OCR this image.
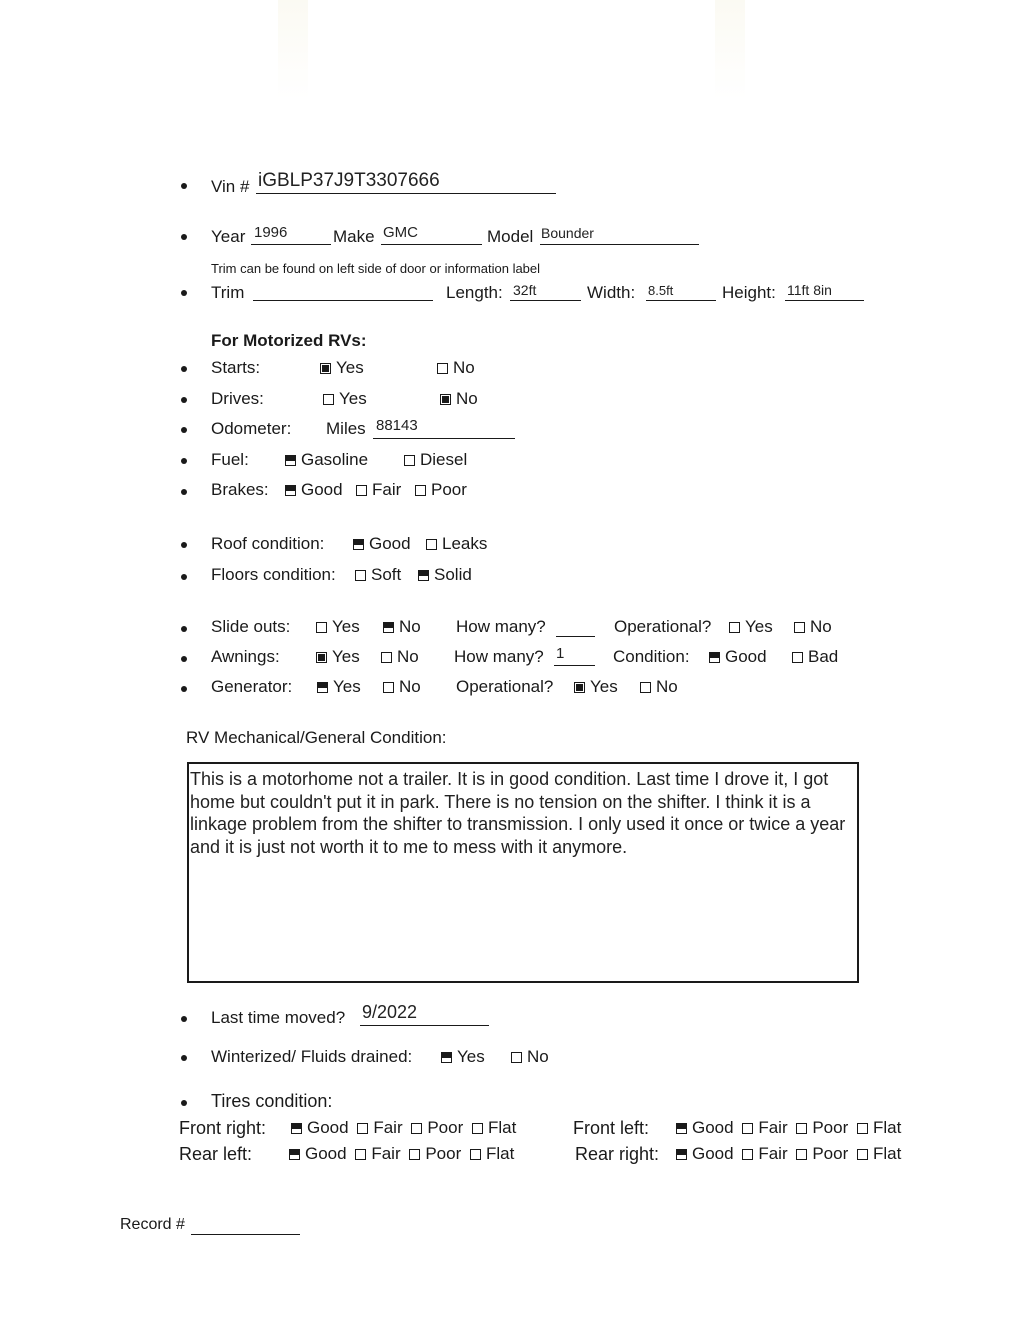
Vin # iGBLP37J9T3307666
Year 1996	Make GMC	Model Bounder
Trim can be found on left side of door or information label
Trim	Length: 32ft	Width: 8.5ft	Height: 11ft 8in
For Motorized RVs:
Starts:	Yes	No
Drives:	Yes	No
Odometer: Miles 88143
Fuel:	Gasoline	Diesel
Brakes:	Good	Fair	Poor
Roof condition:	Good	Leaks
Floors condition:	Soft	Solid
Slide outs:	Yes	No How many?	Operational?	Yes	No
Awnings:	Yes	No How many? 1	Condition:	Good	Bad
Generator:	Yes	No Operational?	Yes	No
RV Mechanical/General Condition:
This is a motorhome not a trailer. It is in good condition. Last time I drove it, I got home but couldn't put it in park. There is no tension on the shifter. I think it is a linkage problem from the shifter to transmission. I only used it once or twice a year and it is just not worth it to me to mess with it anymore.
Last time moved? 9/2022
Winterized/ Fluids drained:	Yes	No
Tires condition:
Front right:	Good Fair Poor Flat	Front left:	Good Fair Poor Flat
Rear left:	Good Fair Poor Flat	Rear right:	Good Fair Poor Flat
Record #
